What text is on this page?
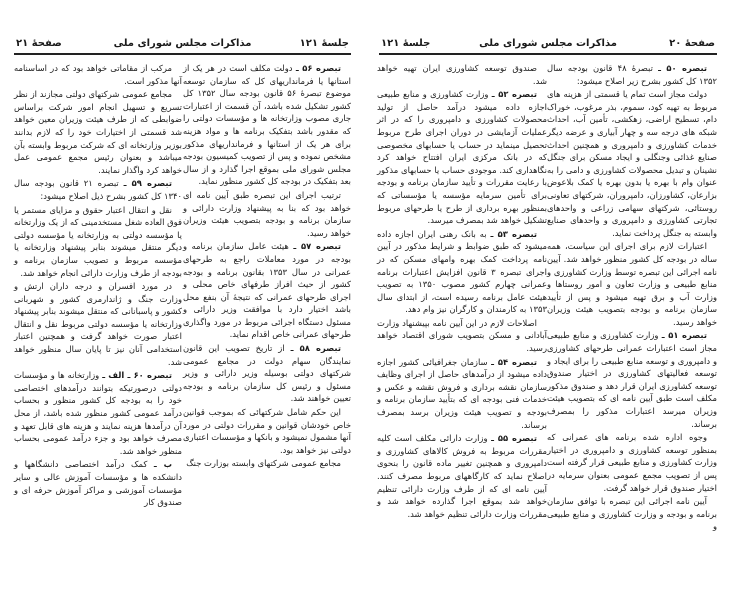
جلسهٔ ۱۲۱
مذاکرات مجلس شورای ملی
صفحهٔ ۲۱

تبصره ۵۶ ـ دولت مکلف است در هر یک از استانها یا فرمانداریهای کل که سازمان توسعه موضوع تبصرهٔ ۵۶ قانون بودجه سال ۱۳۵۲ کل کشور تشکیل شده باشد، آن قسمت از اعتبارات جاری مصوب وزارتخانه ها و مؤسسات دولتی را که مقدور باشد بتفکیک برنامه ها و مواد هزینه برای هر یک از استانها و فرمانداریهای مذکور مشخص نموده و پس از تصویب کمیسیون بودجه مجلس شورای ملی بموقع اجرا گذارد و از سال بعد بتفکیک در بودجه کل کشور منظور نماید.

ترتیب اجرای این تبصره طبق آیین نامه ای خواهد بود که بنا به پیشنهاد وزارت دارائی و سازمان برنامه و بودجه بتصویب هیئت وزیران خواهد رسید.

تبصره ۵۷ ـ هیئت عامل سازمان برنامه و بودجه در مورد معاملات راجع به طرحهای عمرانی در سال ۱۳۵۳ بقانون برنامه و بودجه کشور از حیث افراز طرفهای خاص محلی و اجرای طرحهای عمرانی که نتیجهٔ آن بنفع محل باشد اختیار دارد با موافقت وزیر دارائی و مسئول دستگاه اجرائی مربوط در مورد واگذاری طرحهای عمرانی خاص اقدام نماید.

تبصره ۵۸ ـ از تاریخ تصویب این قانون نمایندگان سهام دولت در مجامع عمومی شرکتهای دولتی بوسیله وزیر دارائی و وزیر مسئول و رئیس کل سازمان برنامه و بودجه تعیین خواهند شد.

این حکم شامل شرکتهائی که بموجب قوانین خاص خودشان قوانین و مقررات دولتی در مورد آنها مشمول نمیشود و بانکها و مؤسسات اعتباری دولتی نیز خواهد بود.

مجامع عمومی شرکتهای وابسته بوزارت جنگ

مرکب از مقاماتی خواهد بود که در اساسنامه آنها مذکور است.

مجامع عمومی شرکتهای دولتی مجازند از نظر تسریع و تسهیل انجام امور شرکت براساس ضوابطی که از طرف هیئت وزیران معین خواهد شد قسمتی از اختیارات خود را که لازم بدانند بوزیر وزارتخانه ای که شرکت مربوط وابسته بآن میباشد و بعنوان رئیس مجمع عمومی عمل خواهد کرد واگذار نمایند.

تبصره ۵۹ ـ تبصره ۲۱ قانون بودجه سال ۱۳۴۰ کل کشور بشرح ذیل اصلاح میشود:

نقل و انتقال اعتبار حقوق و مزایای مستمر یا فوق العاده شغل مستخدمینی که از یک وزارتخانه یا مؤسسه دولتی به وزارتخانه یا مؤسسه دولتی دیگر منتقل میشوند بنابر پیشنهاد وزارتخانه یا مؤسسه مربوط و تصویب سازمان برنامه و بودجه از طرف وزارت دارائی انجام خواهد شد.

در مورد افسران و درجه داران ارتش و وزارت جنگ و ژاندارمری کشور و شهربانی کشور و پاسبانانی که منتقل میشوند بنابر پیشنهاد وزارتخانه یا مؤسسه دولتی مربوط نقل و انتقال اعتبار صورت خواهد گرفت و همچنین اعتبار استخدامی آنان نیز تا پایان سال منظور خواهد شد.

تبصره ۶۰ ـ الف ـ وزارتخانه ها و مؤسسات دولتی درصورتیکه بتوانند درآمدهای اختصاصی خود را به بودجه کل کشور منظور و بحساب درآمد عمومی کشور منظور شده باشد، از محل آن درآمدها هزینه نمایند و هزینه های قابل تعهد و مصرف خواهد بود و جزء درآمد عمومی بحساب منظور خواهد شد.

ب ـ کمک درآمد اختصاصی دانشگاهها و دانشکده ها و مؤسسات آموزش عالی و سایر مؤسسات آموزشی و مراکز آموزش حرفه ای و صندوق کار

جلسهٔ ۱۲۱	مذاکرات مجلس شورای ملی	صفحهٔ ۲۰

تبصره ۵۰ ـ تبصرهٔ ۴۸ قانون بودجه سال ۱۳۵۲ کل کشور بشرح زیر اصلاح میشود:

دولت مجاز است تمام یا قسمتی از هزینه های مربوط به تهیه کود، سموم، بذر مرغوب، خوراک دام، تسطیح اراضی، زهکشی، تأمین آب، احداث شبکه های درجه سه و چهار آبیاری و عرضه دیگر خدمات کشاورزی و دامپروری و همچنین احداث صنایع غذائی وجنگلی و ایجاد مسکن برای جنگل نشینان و تبدیل محصولات کشاورزی و دامی را به عنوان وام با بهره یا بدون بهره یا کمک بلاعوض بزارعان، کشاورزان، دامپروران، شرکتهای تعاونی روستائی، شرکتهای سهامی زراعی و واحدهای تجارتی کشاورزی و دامپروری و واحدهای صنایع وابسته به جنگل پرداخت نماید.

اعتبارات لازم برای اجرای این سیاست، همه ساله در بودجه کل کشور منظور خواهد شد. آیین نامه اجرائی این تبصره توسط وزارت کشاورزی و منابع طبیعی و وزارت تعاون و امور روستاها و وزارت آب و برق تهیه میشود و پس از تأیید سازمان برنامه و بودجه بتصویب هیئت وزیران خواهد رسید.

تبصره ۵۱ ـ وزارت کشاورزی و منابع طبیعی مجاز است اعتبارات عمرانی طرحهای کشاورزی و دامپروری و توسعه منابع طبیعی را برای ایجاد و توسعه فعالیتهای کشاورزی در اختیار صندوق توسعه کشاورزی ایران قرار دهد و صندوق مذکور مکلف است طبق آیین نامه ای که بتصویب هیئت وزیران میرسد اعتبارات مذکور را بمصرف برساند.

وجوه اداره شده برنامه های عمرانی که بمنظور توسعه کشاورزی و دامپروری در اختیار وزارت کشاورزی و منابع طبیعی قرار گرفته است پس از تصویب مجمع عمومی بعنوان سرمایه در اختیار صندوق قرار خواهد گرفت.

آیین نامه اجرائی این تبصره با توافق سازمان برنامه و بودجه و وزارت کشاورزی و منابع طبیعی و

صندوق توسعه کشاورزی ایران تهیه خواهد شد.

تبصره ۵۲ ـ وزارت کشاورزی و منابع طبیعی اجازه داده میشود درآمد حاصل از تولید محصولات کشاورزی و دامپروری را که در اثر عملیات آزمایشی در دوران اجرای طرح مربوط تحصیل مینماید در حساب یا حسابهای مخصوصی که در بانک مرکزی ایران افتتاح خواهد کرد نگاهداری کند. موجودی حساب یا حسابهای مذکور با رعایت مقررات و تأیید سازمان برنامه و بودجه برای تأمین سرمایه مؤسسه یا مؤسساتی که بمنظور بهره برداری از طرح یا طرحهای مربوط تشکیل خواهد شد بمصرف میرسد.

تبصره ۵۳ ـ به بانک رهنی ایران اجازه داده میشود که طبق ضوابط و شرایط مذکور در آیین نامه پرداخت کمک بهره وامهای مسکن که در اجرای تبصره ۳ قانون افزایش اعتبارات برنامه عمرانی چهارم کشور مصوب ۱۳۵۰ به تصویب هیئت عامل برنامه رسیده است، از ابتدای سال ۱۳۵۳ به کارمندان و کارگران نیز وام دهد.

اصلاحات لازم در این آیین نامه بپیشنهاد وزارت آبادانی و مسکن بتصویب شورای اقتصاد خواهد رسید.

تبصره ۵۴ ـ سازمان جغرافیائی کشور اجازه داده میشود از درآمدهای حاصل از اجرای وظایف سازمان نقشه برداری و فروش نقشه و عکس و خدمات فنی بودجه ای که بتأیید سازمان برنامه و بودجه و تصویب هیئت وزیران برسد بمصرف برساند.

تبصره ۵۵ ـ وزارت دارائی مکلف است کلیه مقررات مربوط به فروش کالاهای کشاورزی و دامپروری و همچنین تغییر ماده قانون را بنحوی اصلاح نماید که کارگاههای مربوط مصرف کنند. آیین نامه ای که از طرف وزارت دارائی تنظیم خواهد شد بموقع اجرا گذارده خواهد شد و مقررات وزارت دارائی تنظیم خواهد شد.
